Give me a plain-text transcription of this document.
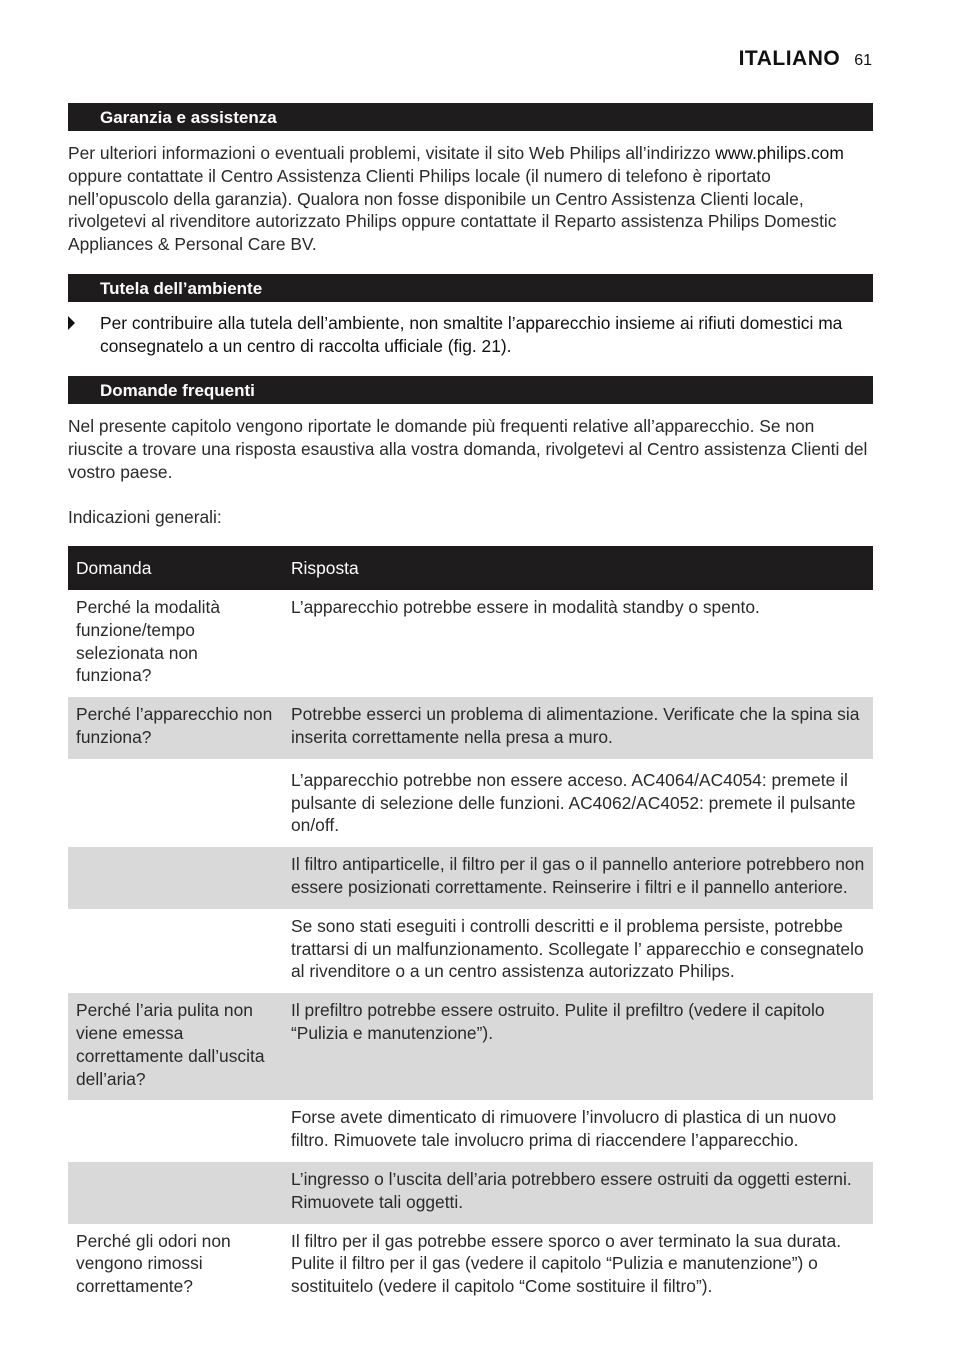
ITALIANO 61
Garanzia e assistenza
Per ulteriori informazioni o eventuali problemi, visitate il sito Web Philips all’indirizzo www.philips.com oppure contattate il Centro Assistenza Clienti Philips locale (il numero di telefono è riportato nell’opuscolo della garanzia). Qualora non fosse disponibile un Centro Assistenza Clienti locale, rivolgetevi al rivenditore autorizzato Philips oppure contattate il Reparto assistenza Philips Domestic Appliances & Personal Care BV.
Tutela dell’ambiente
Per contribuire alla tutela dell’ambiente, non smaltite l’apparecchio insieme ai rifiuti domestici ma consegnatelo a un centro di raccolta ufficiale (fig. 21).
Domande frequenti
Nel presente capitolo vengono riportate le domande più frequenti relative all’apparecchio. Se non riuscite a trovare una risposta esaustiva alla vostra domanda, rivolgetevi al Centro assistenza Clienti del vostro paese.
Indicazioni generali:
Domanda	Risposta
Perché la modalità funzione/tempo selezionata non funziona?	L’apparecchio potrebbe essere in modalità standby o spento.
Perché l’apparecchio non funziona?	Potrebbe esserci un problema di alimentazione. Verificate che la spina sia inserita correttamente nella presa a muro.
	L’apparecchio potrebbe non essere acceso. AC4064/AC4054: premete il pulsante di selezione delle funzioni. AC4062/AC4052: premete il pulsante on/off.
	Il filtro antiparticelle, il filtro per il gas o il pannello anteriore potrebbero non essere posizionati correttamente. Reinserire i filtri e il pannello anteriore.
	Se sono stati eseguiti i controlli descritti e il problema persiste, potrebbe trattarsi di un malfunzionamento. Scollegate l’ apparecchio e consegnatelo al rivenditore o a un centro assistenza autorizzato Philips.
Perché l’aria pulita non viene emessa correttamente dall’uscita dell’aria?	Il prefiltro potrebbe essere ostruito. Pulite il prefiltro (vedere il capitolo “Pulizia e manutenzione”).
	Forse avete dimenticato di rimuovere l’involucro di plastica di un nuovo filtro. Rimuovete tale involucro prima di riaccendere l’apparecchio.
	L’ingresso o l’uscita dell’aria potrebbero essere ostruiti da oggetti esterni. Rimuovete tali oggetti.
Perché gli odori non vengono rimossi correttamente?	Il filtro per il gas potrebbe essere sporco o aver terminato la sua durata. Pulite il filtro per il gas (vedere il capitolo “Pulizia e manutenzione”) o sostituitelo (vedere il capitolo “Come sostituire il filtro”).
